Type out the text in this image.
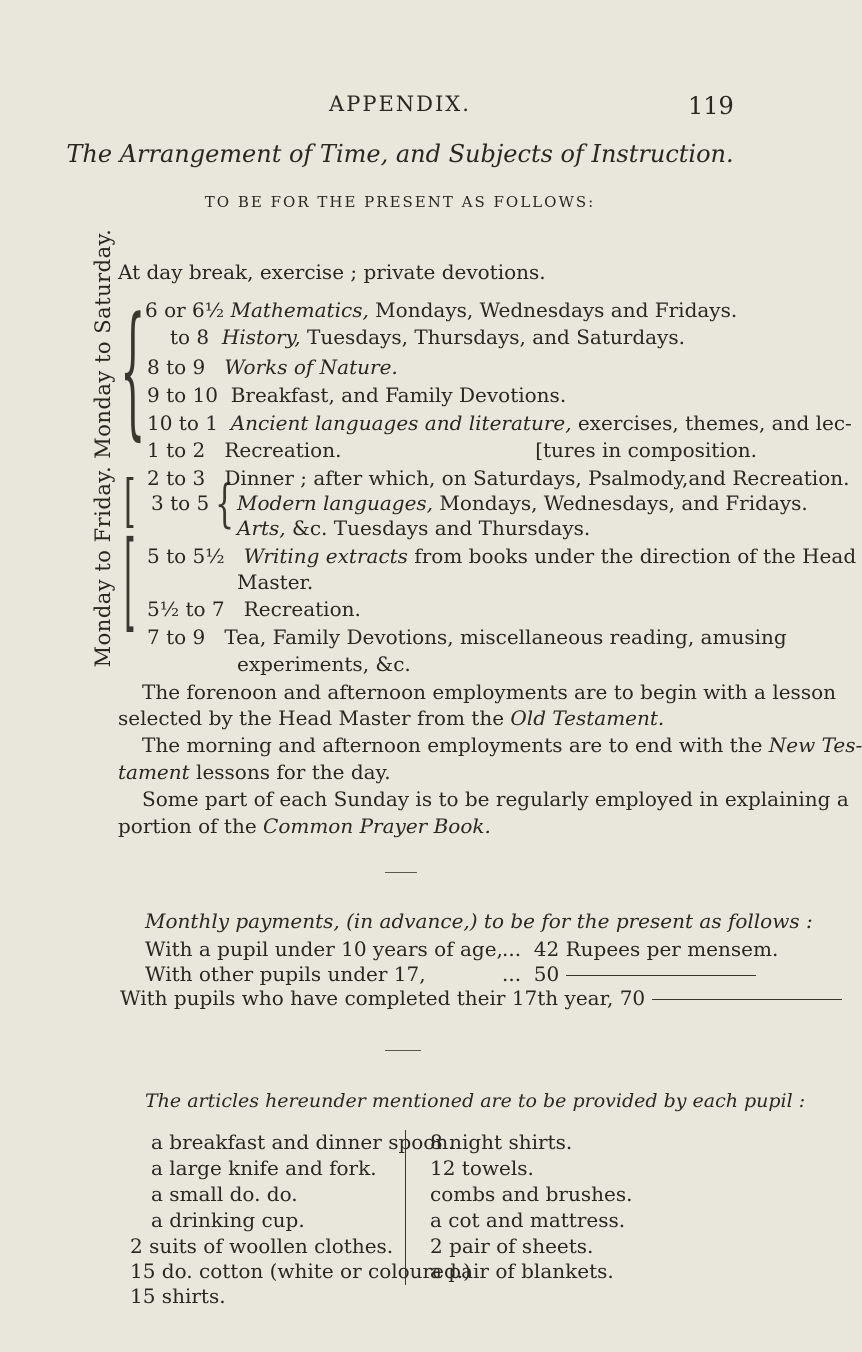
APPENDIX.	119
The Arrangement of Time, and Subjects of Instruction.
TO BE FOR THE PRESENT AS FOLLOWS:
At day break, exercise ; private devotions.
Monday to Friday. Monday to Saturday. {
[
[
{
6 or 6½ Mathematics, Mondays, Wednesdays and Fridays.
to 8 History, Tuesdays, Thursdays, and Saturdays.
8 to 9 Works of Nature.
9 to 10 Breakfast, and Family Devotions.
10 to 1 Ancient languages and literature, exercises, themes, and lec-
1 to 2 Recreation.	[tures in composition.
2 to 3 Dinner ; after which, on Saturdays, Psalmody,and Recreation.
3 to 5 Modern languages, Mondays, Wednesdays, and Fridays.
Arts, &c. Tuesdays and Thursdays.
5 to 5½ Writing extracts from books under the direction of the Head
Master.
5½ to 7 Recreation.
7 to 9 Tea, Family Devotions, miscellaneous reading, amusing
experiments, &c.
The forenoon and afternoon employments are to begin with a lesson
selected by the Head Master from the Old Testament.
The morning and afternoon employments are to end with the New Tes-
tament lessons for the day.
Some part of each Sunday is to be regularly employed in explaining a
portion of the Common Prayer Book.
Monthly payments, (in advance,) to be for the present as follows :
With a pupil under 10 years of age, ... 42 Rupees per mensem.
With other pupils under 17,	... 50
With pupils who have completed their 17th year, 70
The articles hereunder mentioned are to be provided by each pupil :
a breakfast and dinner spoon.
a large knife and fork.
a small do. do.
a drinking cup.
2 suits of woollen clothes.
15 do. cotton (white or coloured.)
15 shirts.
8 night shirts.
12 towels.
combs and brushes.
a cot and mattress.
2 pair of sheets.
a pair of blankets.
